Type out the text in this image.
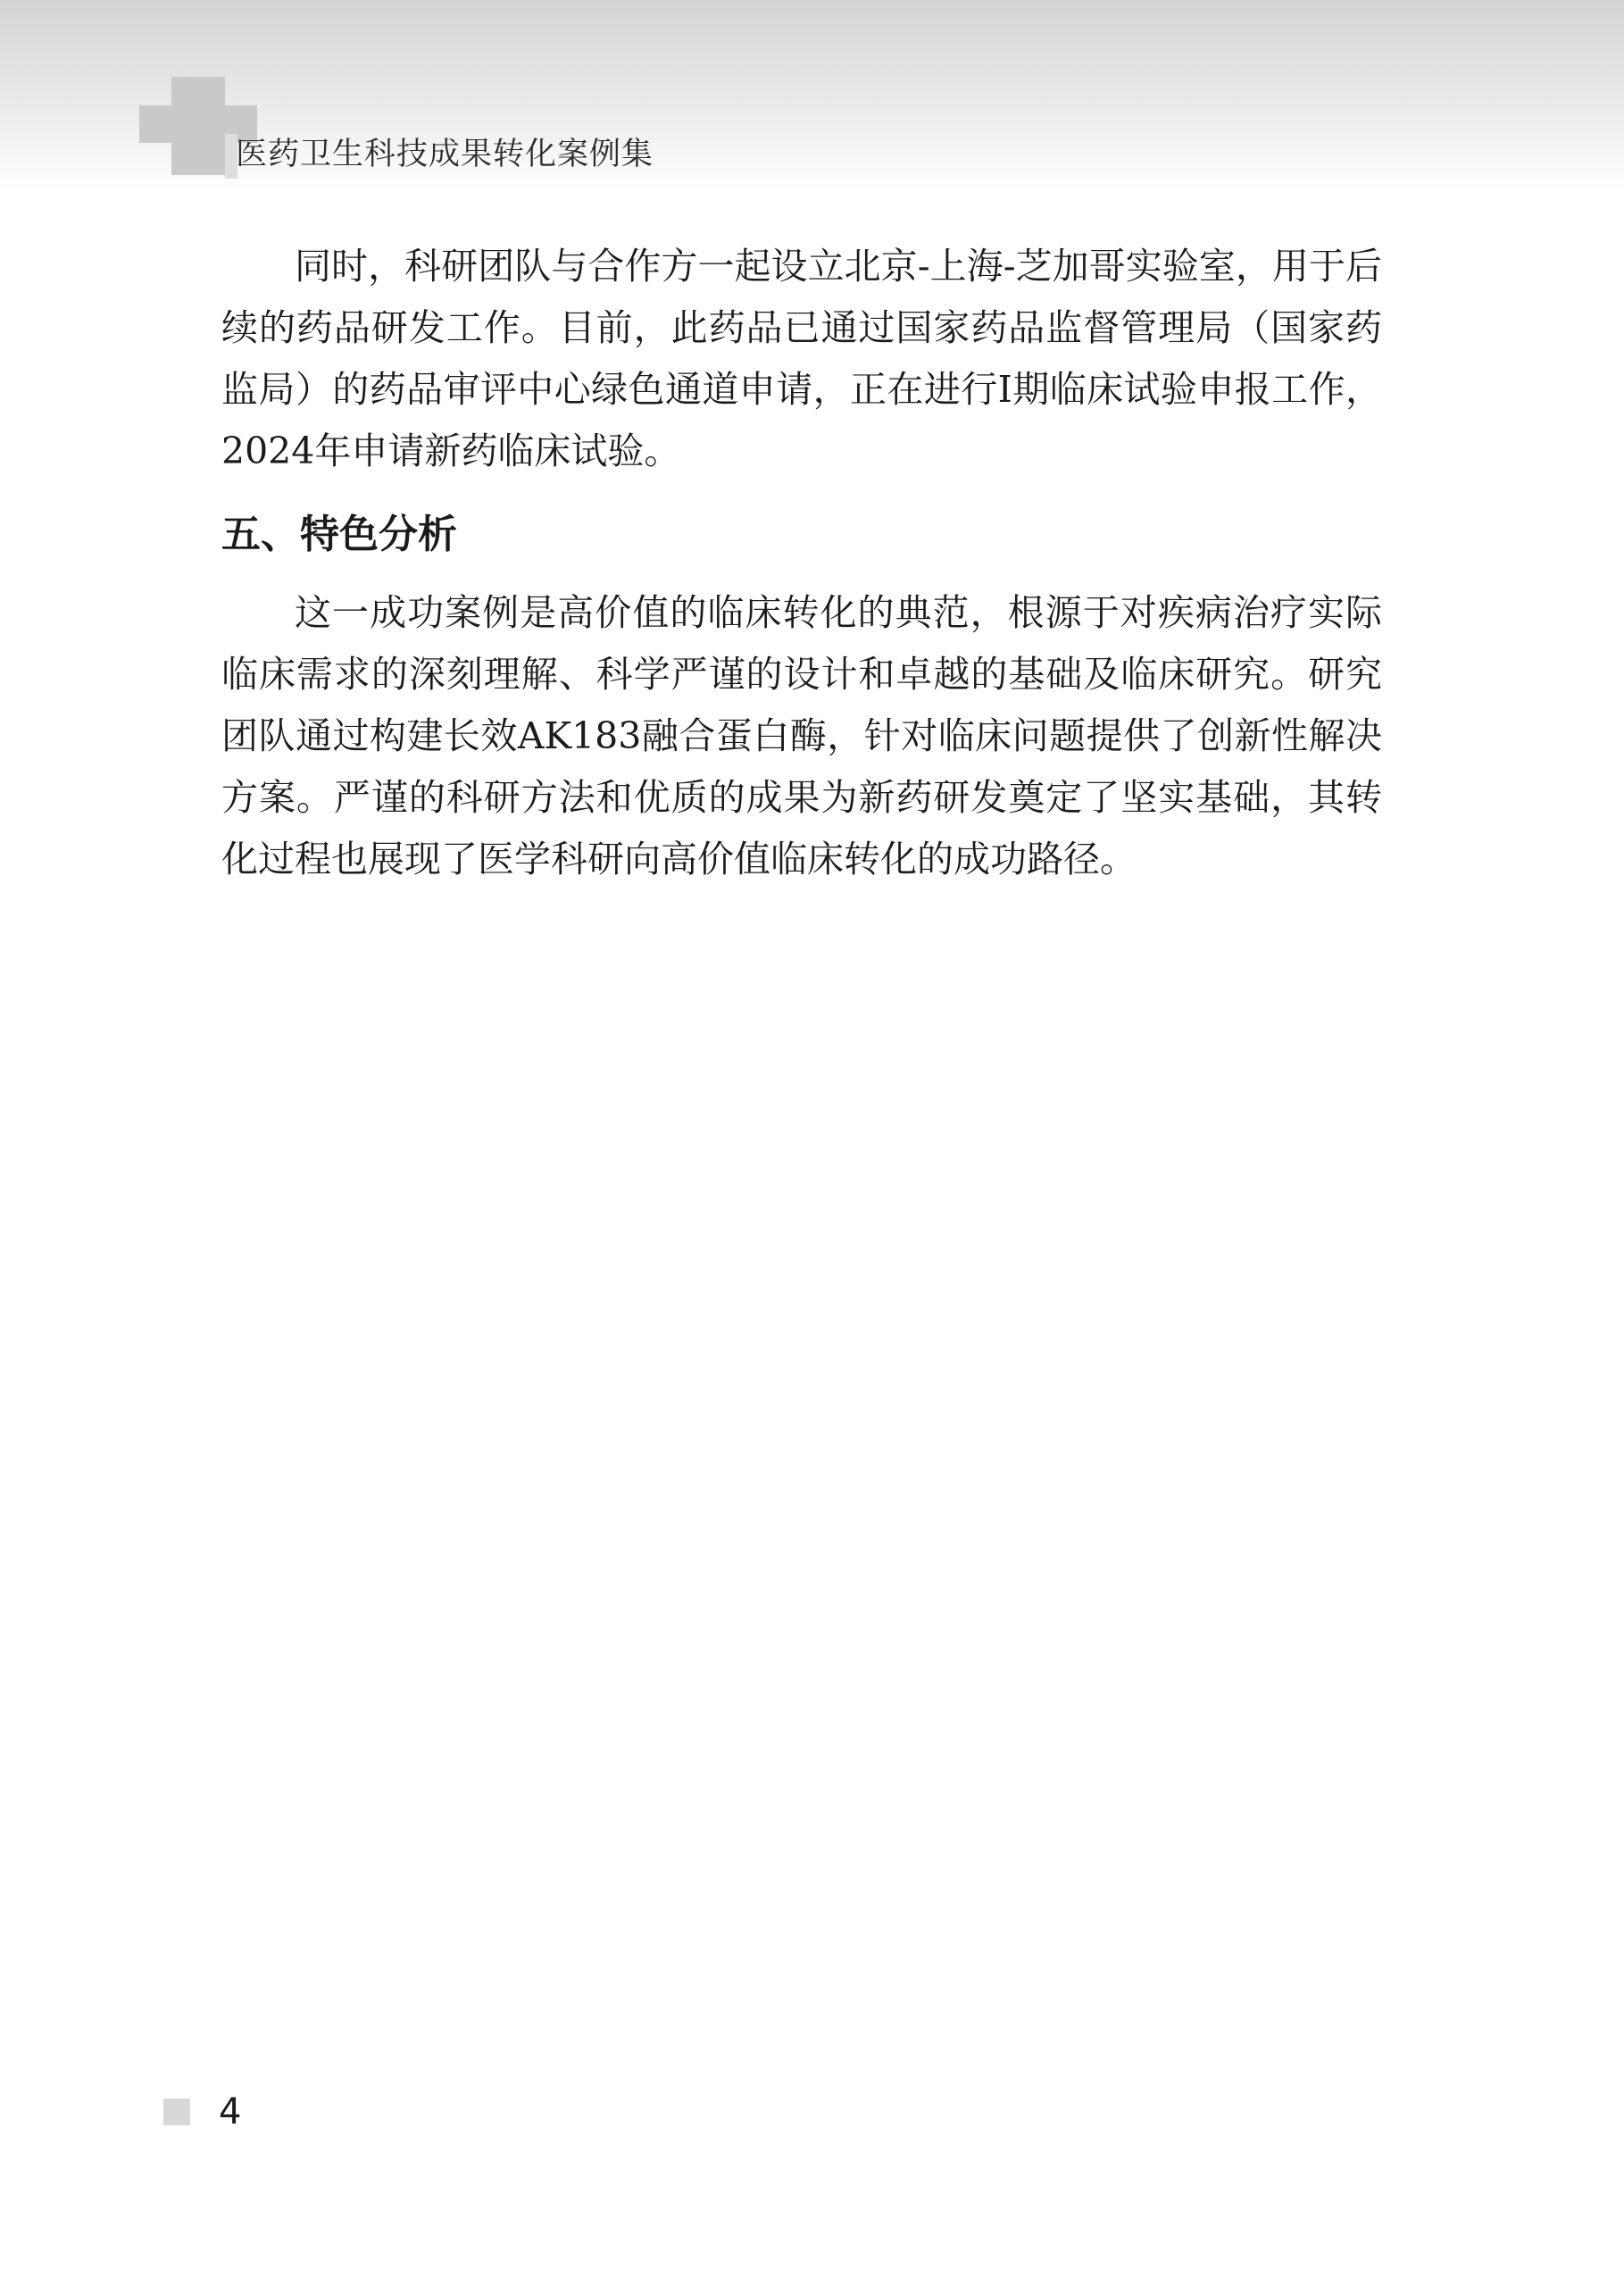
医药卫生科技成果转化案例集

同时，科研团队与合作方一起设立北京-上海-芝加哥实验室，用于后续的药品研发工作。目前，此药品已通过国家药品监督管理局（国家药监局）的药品审评中心绿色通道申请，正在进行Ⅰ期临床试验申报工作，2024年申请新药临床试验。

五、特色分析

这一成功案例是高价值的临床转化的典范，根源于对疾病治疗实际临床需求的深刻理解、科学严谨的设计和卓越的基础及临床研究。研究团队通过构建长效AK183融合蛋白酶，针对临床问题提供了创新性解决方案。严谨的科研方法和优质的成果为新药研发奠定了坚实基础，其转化过程也展现了医学科研向高价值临床转化的成功路径。

4
